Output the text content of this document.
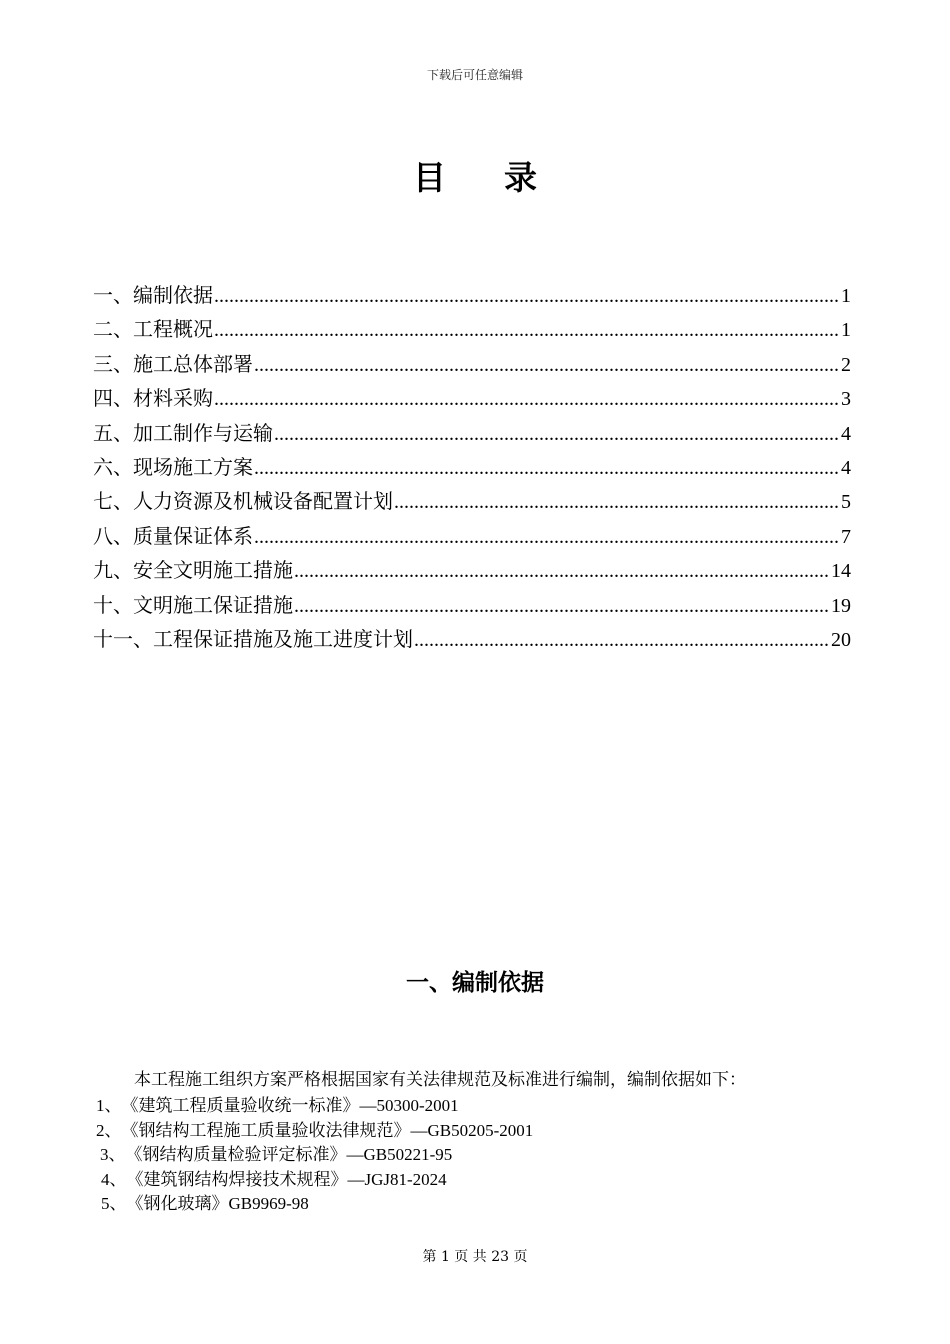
下载后可任意编辑
目录
一、编制依据 .....	1
二、工程概况 .....	1
三、施工总体部署 .....	2
四、材料采购 .....	3
五、加工制作与运输 .....	4
六、现场施工方案 .....	4
七、人力资源及机械设备配置计划 .....	5
八、质量保证体系 .....	7
九、安全文明施工措施 .....	14
十、文明施工保证措施 .....	19
十一、工程保证措施及施工进度计划 .....	20
一、编制依据
本工程施工组织方案严格根据国家有关法律规范及标准进行编制，编制依据如下：
1、《建筑工程质量验收统一标准》—50300-2001
2、《钢结构工程施工质量验收法律规范》—GB50205-2001
3、《钢结构质量检验评定标准》—GB50221-95
4、《建筑钢结构焊接技术规程》—JGJ81-2024
5、《钢化玻璃》GB9969-98
第 1 页 共 23 页
